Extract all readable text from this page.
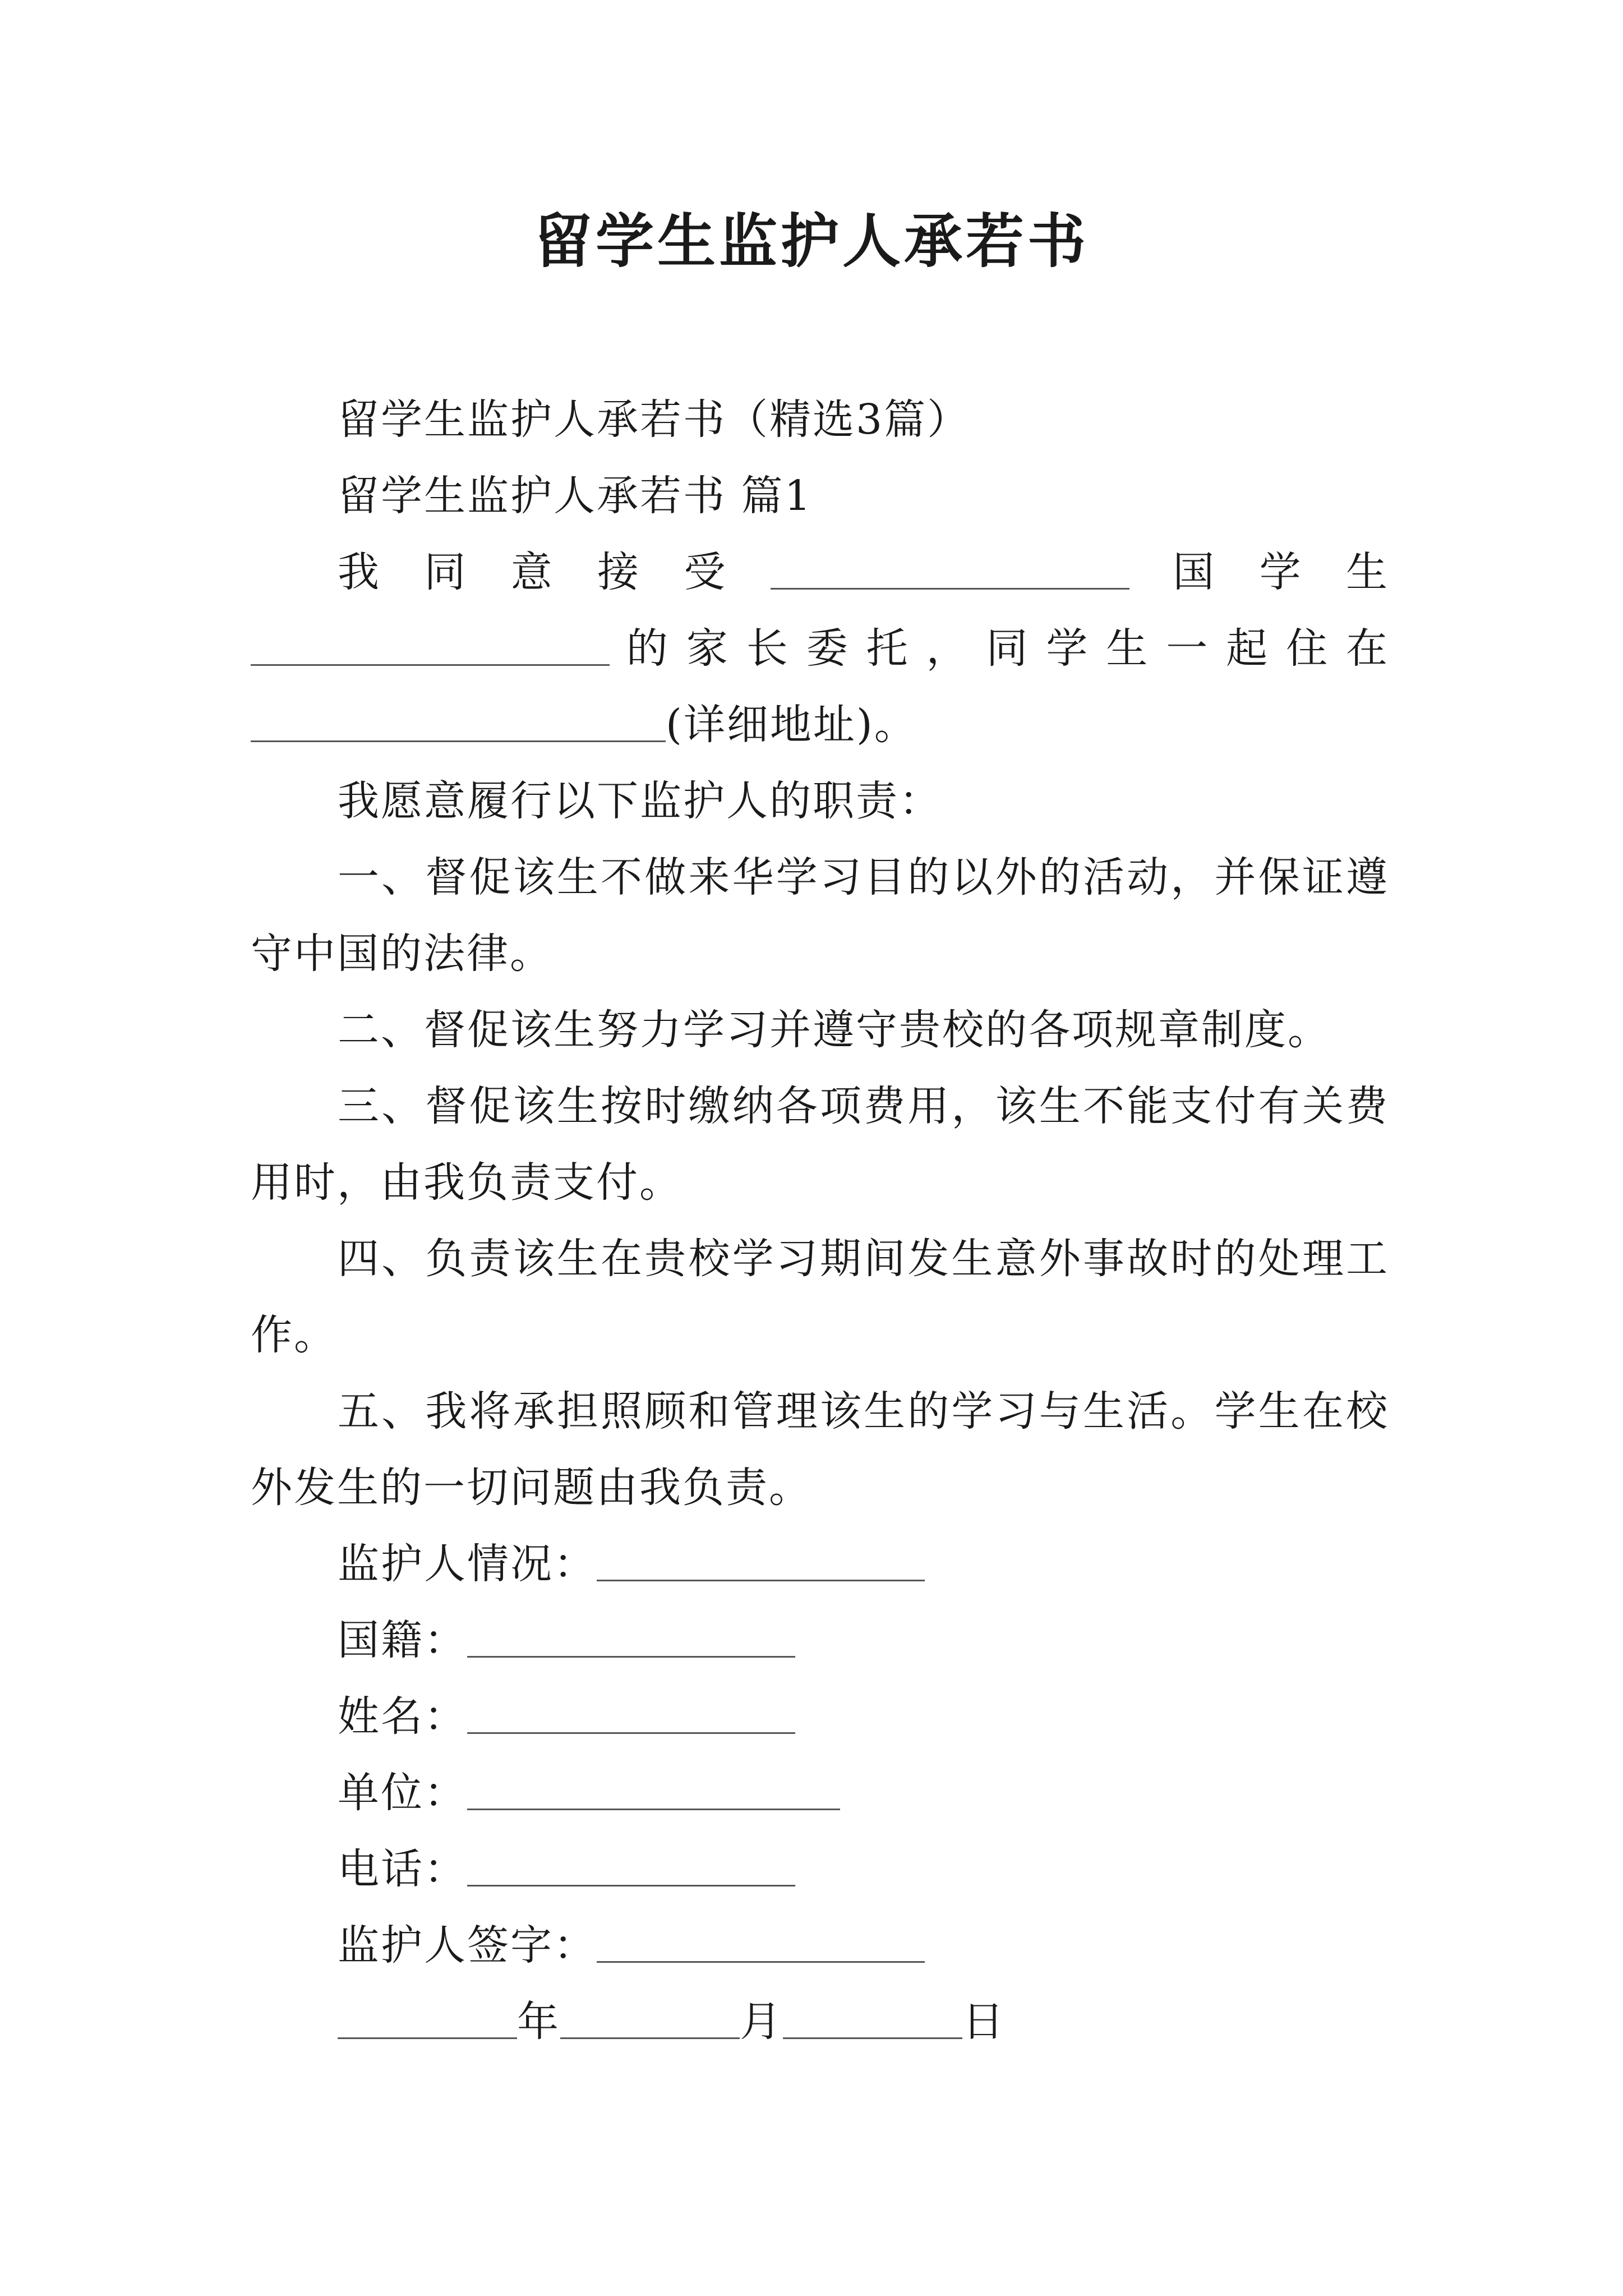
留学生监护人承若书

留学生监护人承若书（精选3篇）

留学生监护人承若书 篇1

我同意接受	国学生的家长委托，同学生一起住在(详细地址)。

我愿意履行以下监护人的职责：

一、督促该生不做来华学习目的以外的活动，并保证遵守中国的法律。

二、督促该生努力学习并遵守贵校的各项规章制度。

三、督促该生按时缴纳各项费用，该生不能支付有关费用时，由我负责支付。

四、负责该生在贵校学习期间发生意外事故时的处理工作。

五、我将承担照顾和管理该生的学习与生活。学生在校外发生的一切问题由我负责。

监护人情况：

国籍：

姓名：

单位：

电话：

监护人签字：

年	月	日
